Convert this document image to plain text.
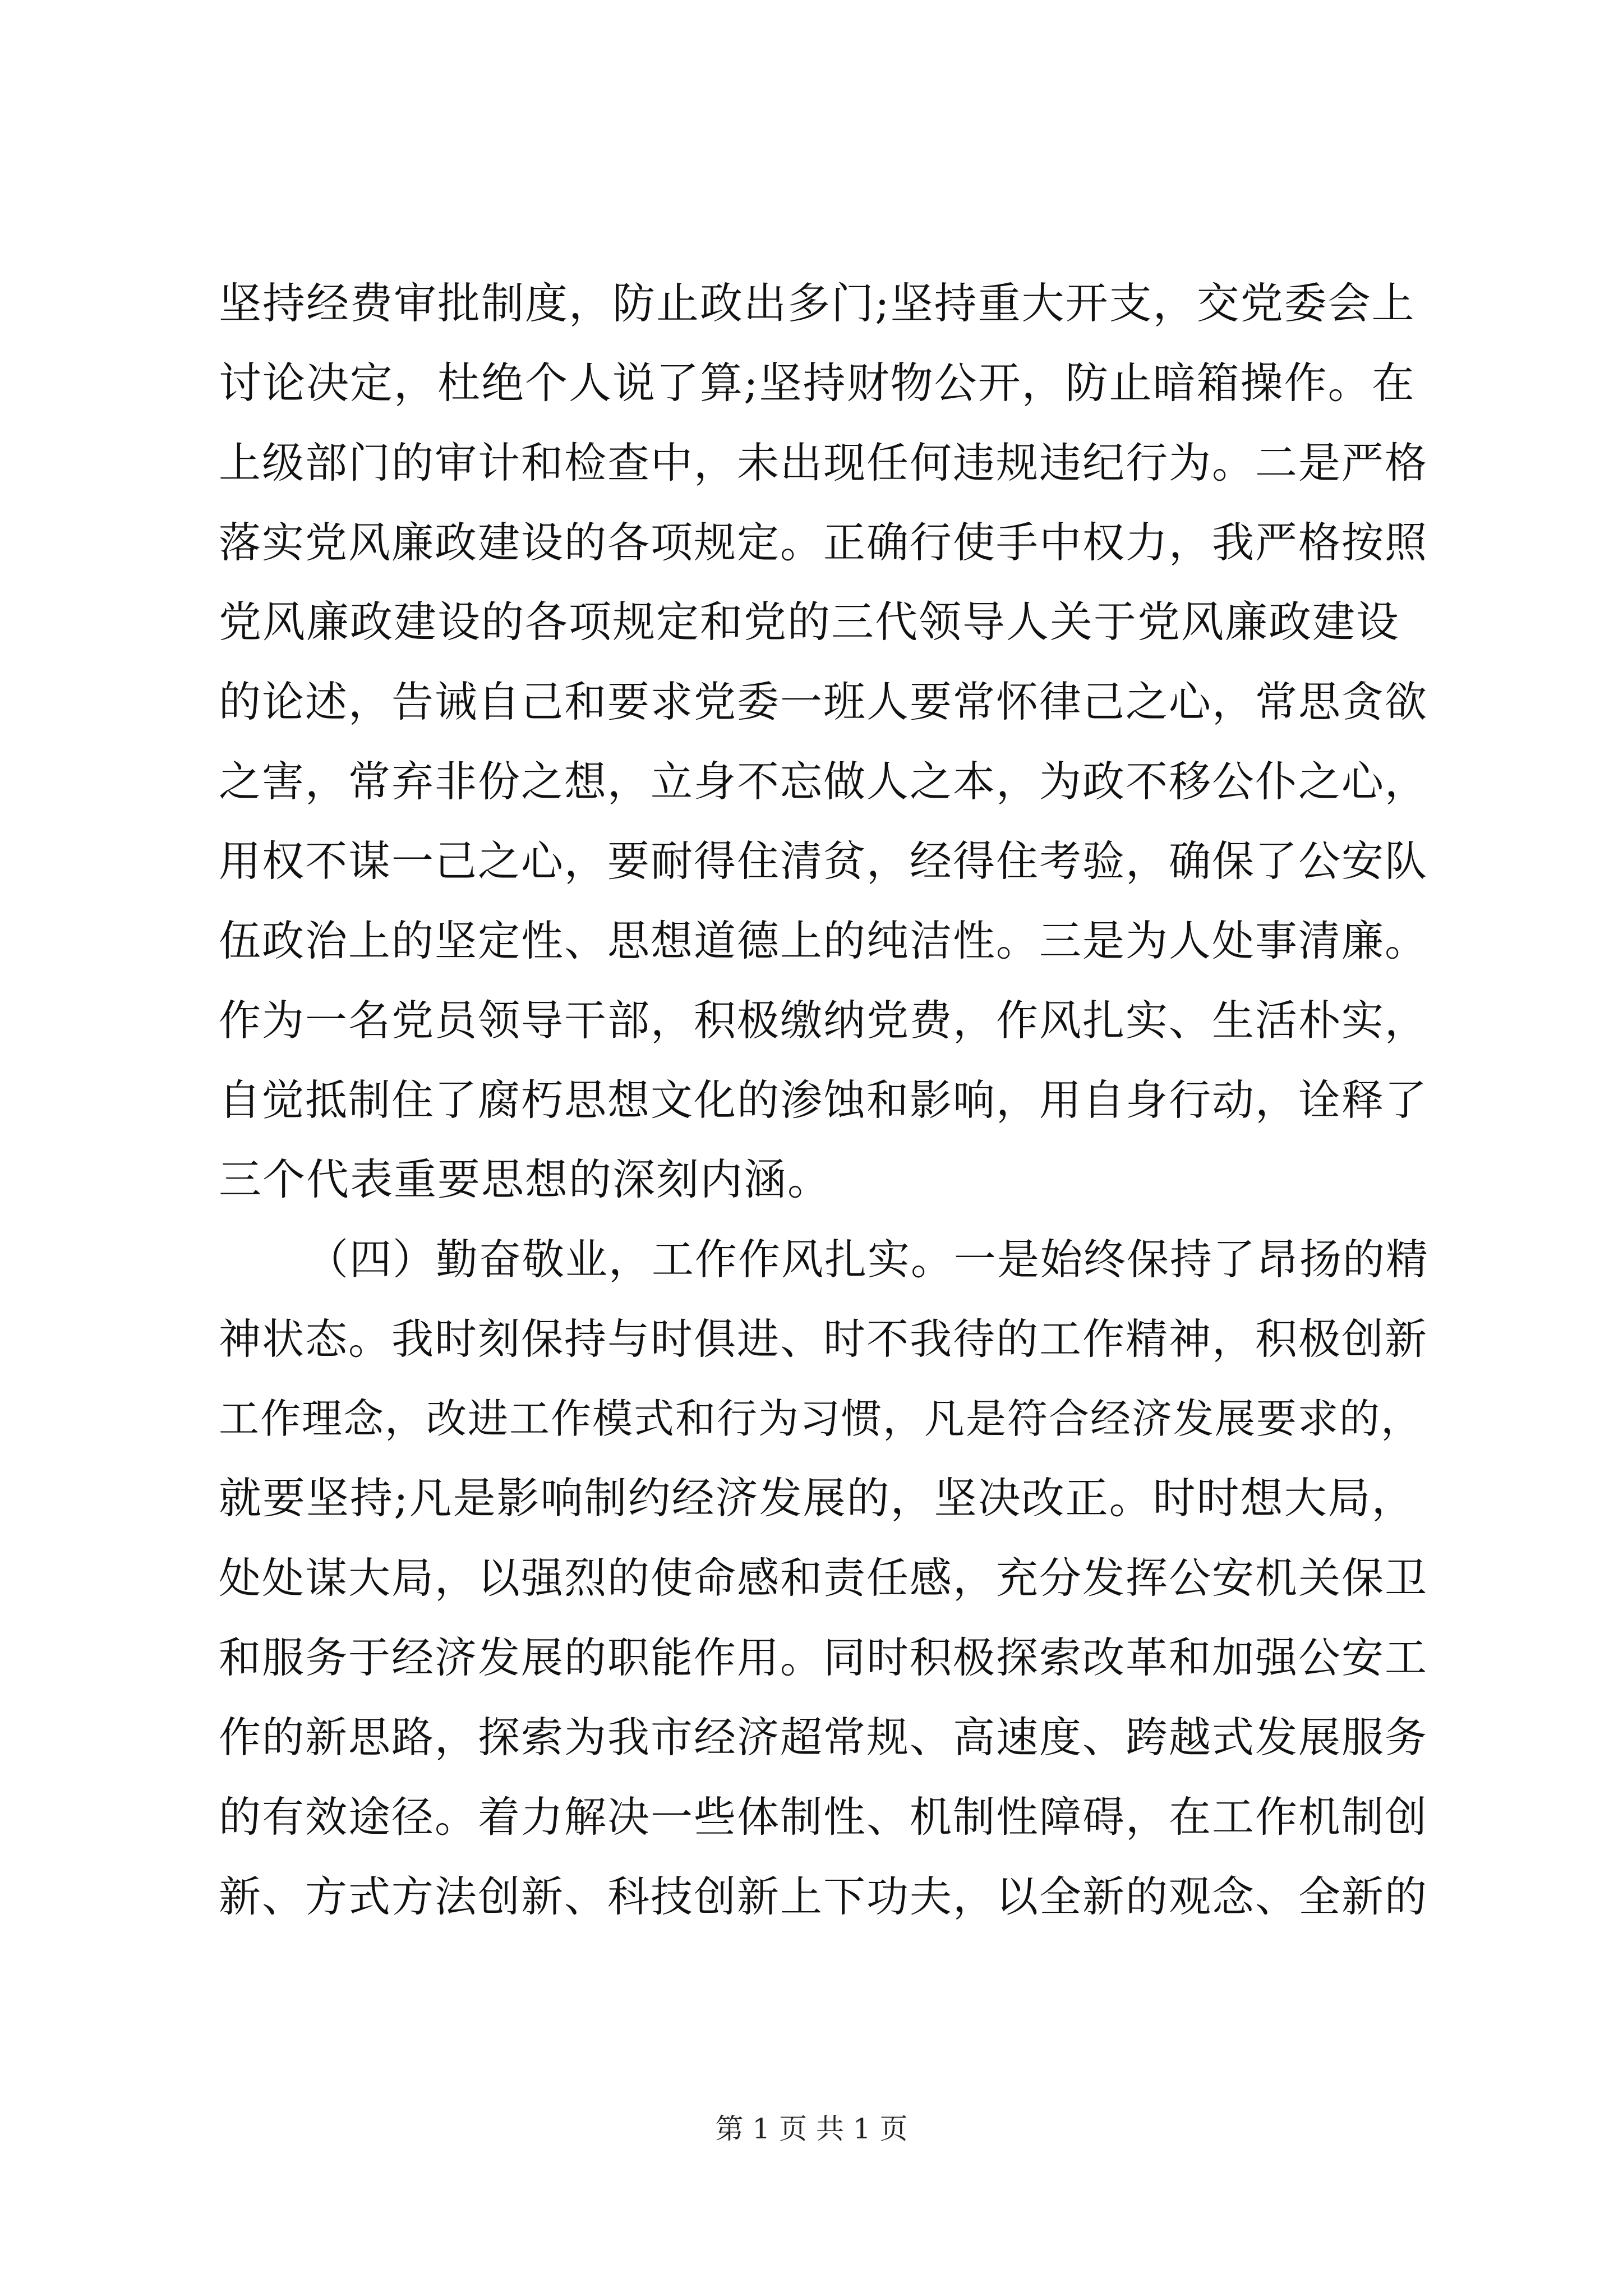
坚持经费审批制度，防止政出多门;坚持重大开支，交党委会上
讨论决定，杜绝个人说了算;坚持财物公开，防止暗箱操作。在
上级部门的审计和检查中，未出现任何违规违纪行为。二是严格
落实党风廉政建设的各项规定。正确行使手中权力，我严格按照
党风廉政建设的各项规定和党的三代领导人关于党风廉政建设
的论述，告诫自己和要求党委一班人要常怀律己之心，常思贪欲
之害，常弃非份之想，立身不忘做人之本，为政不移公仆之心，
用权不谋一己之心，要耐得住清贫，经得住考验，确保了公安队
伍政治上的坚定性、思想道德上的纯洁性。三是为人处事清廉。
作为一名党员领导干部，积极缴纳党费，作风扎实、生活朴实，
自觉抵制住了腐朽思想文化的渗蚀和影响，用自身行动，诠释了
三个代表重要思想的深刻内涵。
（四）勤奋敬业，工作作风扎实。一是始终保持了昂扬的精
神状态。我时刻保持与时俱进、时不我待的工作精神，积极创新
工作理念，改进工作模式和行为习惯，凡是符合经济发展要求的，
就要坚持;凡是影响制约经济发展的，坚决改正。时时想大局，
处处谋大局，以强烈的使命感和责任感，充分发挥公安机关保卫
和服务于经济发展的职能作用。同时积极探索改革和加强公安工
作的新思路，探索为我市经济超常规、高速度、跨越式发展服务
的有效途径。着力解决一些体制性、机制性障碍，在工作机制创
新、方式方法创新、科技创新上下功夫，以全新的观念、全新的
第 1 页 共 1 页
